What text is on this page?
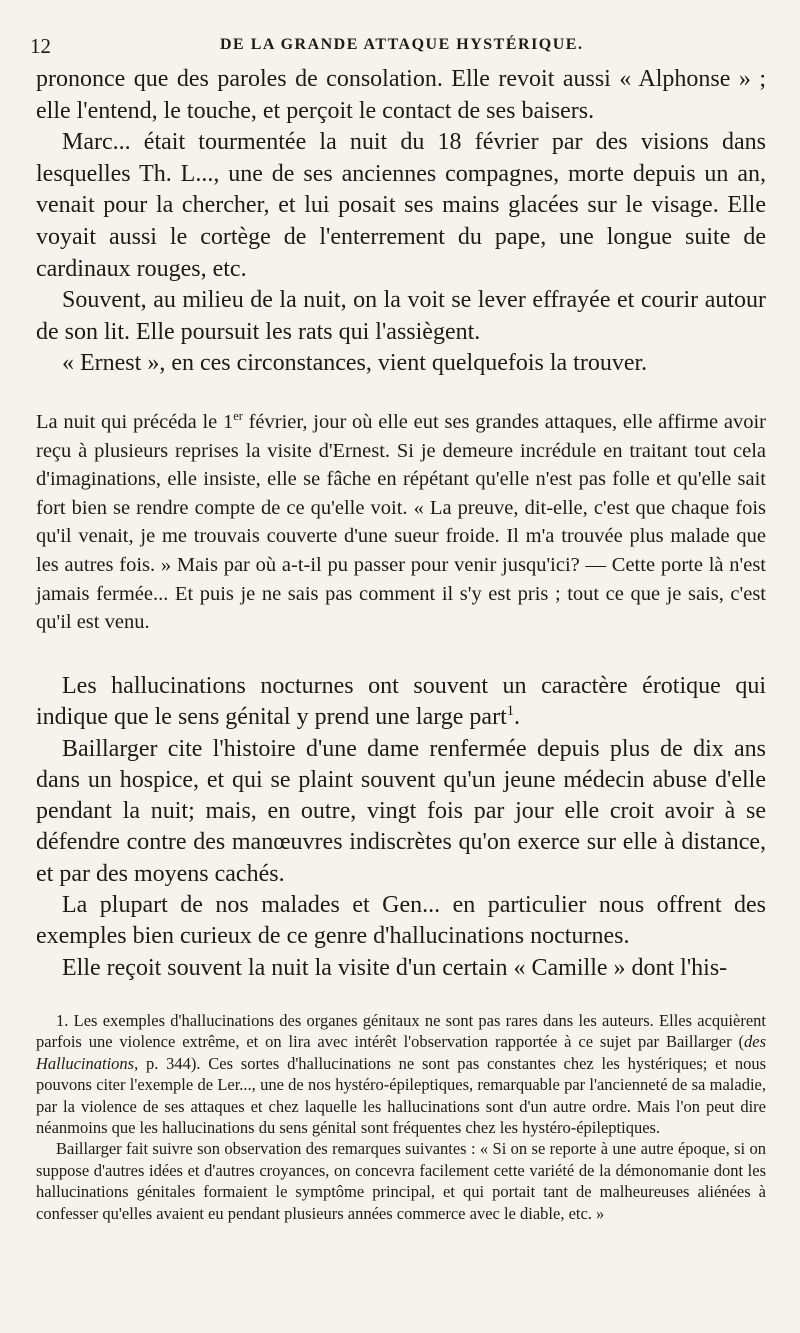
12	DE LA GRANDE ATTAQUE HYSTÉRIQUE.

prononce que des paroles de consolation. Elle revoit aussi « Alphonse » ; elle l'entend, le touche, et perçoit le contact de ses baisers.

Marc... était tourmentée la nuit du 18 février par des visions dans lesquelles Th. L..., une de ses anciennes compagnes, morte depuis un an, venait pour la chercher, et lui posait ses mains glacées sur le visage. Elle voyait aussi le cortège de l'enterrement du pape, une longue suite de cardinaux rouges, etc.

Souvent, au milieu de la nuit, on la voit se lever effrayée et courir autour de son lit. Elle poursuit les rats qui l'assiègent.

« Ernest », en ces circonstances, vient quelquefois la trouver.

La nuit qui précéda le 1er février, jour où elle eut ses grandes attaques, elle affirme avoir reçu à plusieurs reprises la visite d'Ernest. Si je demeure incrédule en traitant tout cela d'imaginations, elle insiste, elle se fâche en répétant qu'elle n'est pas folle et qu'elle sait fort bien se rendre compte de ce qu'elle voit. « La preuve, dit-elle, c'est que chaque fois qu'il venait, je me trouvais couverte d'une sueur froide. Il m'a trouvée plus malade que les autres fois. » Mais par où a-t-il pu passer pour venir jusqu'ici? — Cette porte là n'est jamais fermée... Et puis je ne sais pas comment il s'y est pris ; tout ce que je sais, c'est qu'il est venu.

Les hallucinations nocturnes ont souvent un caractère érotique qui indique que le sens génital y prend une large part$^1$.

Baillarger cite l'histoire d'une dame renfermée depuis plus de dix ans dans un hospice, et qui se plaint souvent qu'un jeune médecin abuse d'elle pendant la nuit; mais, en outre, vingt fois par jour elle croit avoir à se défendre contre des manœuvres indiscrètes qu'on exerce sur elle à distance, et par des moyens cachés.

La plupart de nos malades et Gen... en particulier nous offrent des exemples bien curieux de ce genre d'hallucinations nocturnes.

Elle reçoit souvent la nuit la visite d'un certain « Camille » dont l'his-

1. Les exemples d'hallucinations des organes génitaux ne sont pas rares dans les auteurs. Elles acquièrent parfois une violence extrême, et on lira avec intérêt l'observation rapportée à ce sujet par Baillarger (des Hallucinations, p. 344). Ces sortes d'hallucinations ne sont pas constantes chez les hystériques; et nous pouvons citer l'exemple de Ler..., une de nos hystéro-épileptiques, remarquable par l'ancienneté de sa maladie, par la violence de ses attaques et chez laquelle les hallucinations sont d'un autre ordre. Mais l'on peut dire néanmoins que les hallucinations du sens génital sont fréquentes chez les hystéro-épileptiques.

Baillarger fait suivre son observation des remarques suivantes : « Si on se reporte à une autre époque, si on suppose d'autres idées et d'autres croyances, on concevra facilement cette variété de la démonomanie dont les hallucinations génitales formaient le symptôme principal, et qui portait tant de malheureuses aliénées à confesser qu'elles avaient eu pendant plusieurs années commerce avec le diable, etc. »
